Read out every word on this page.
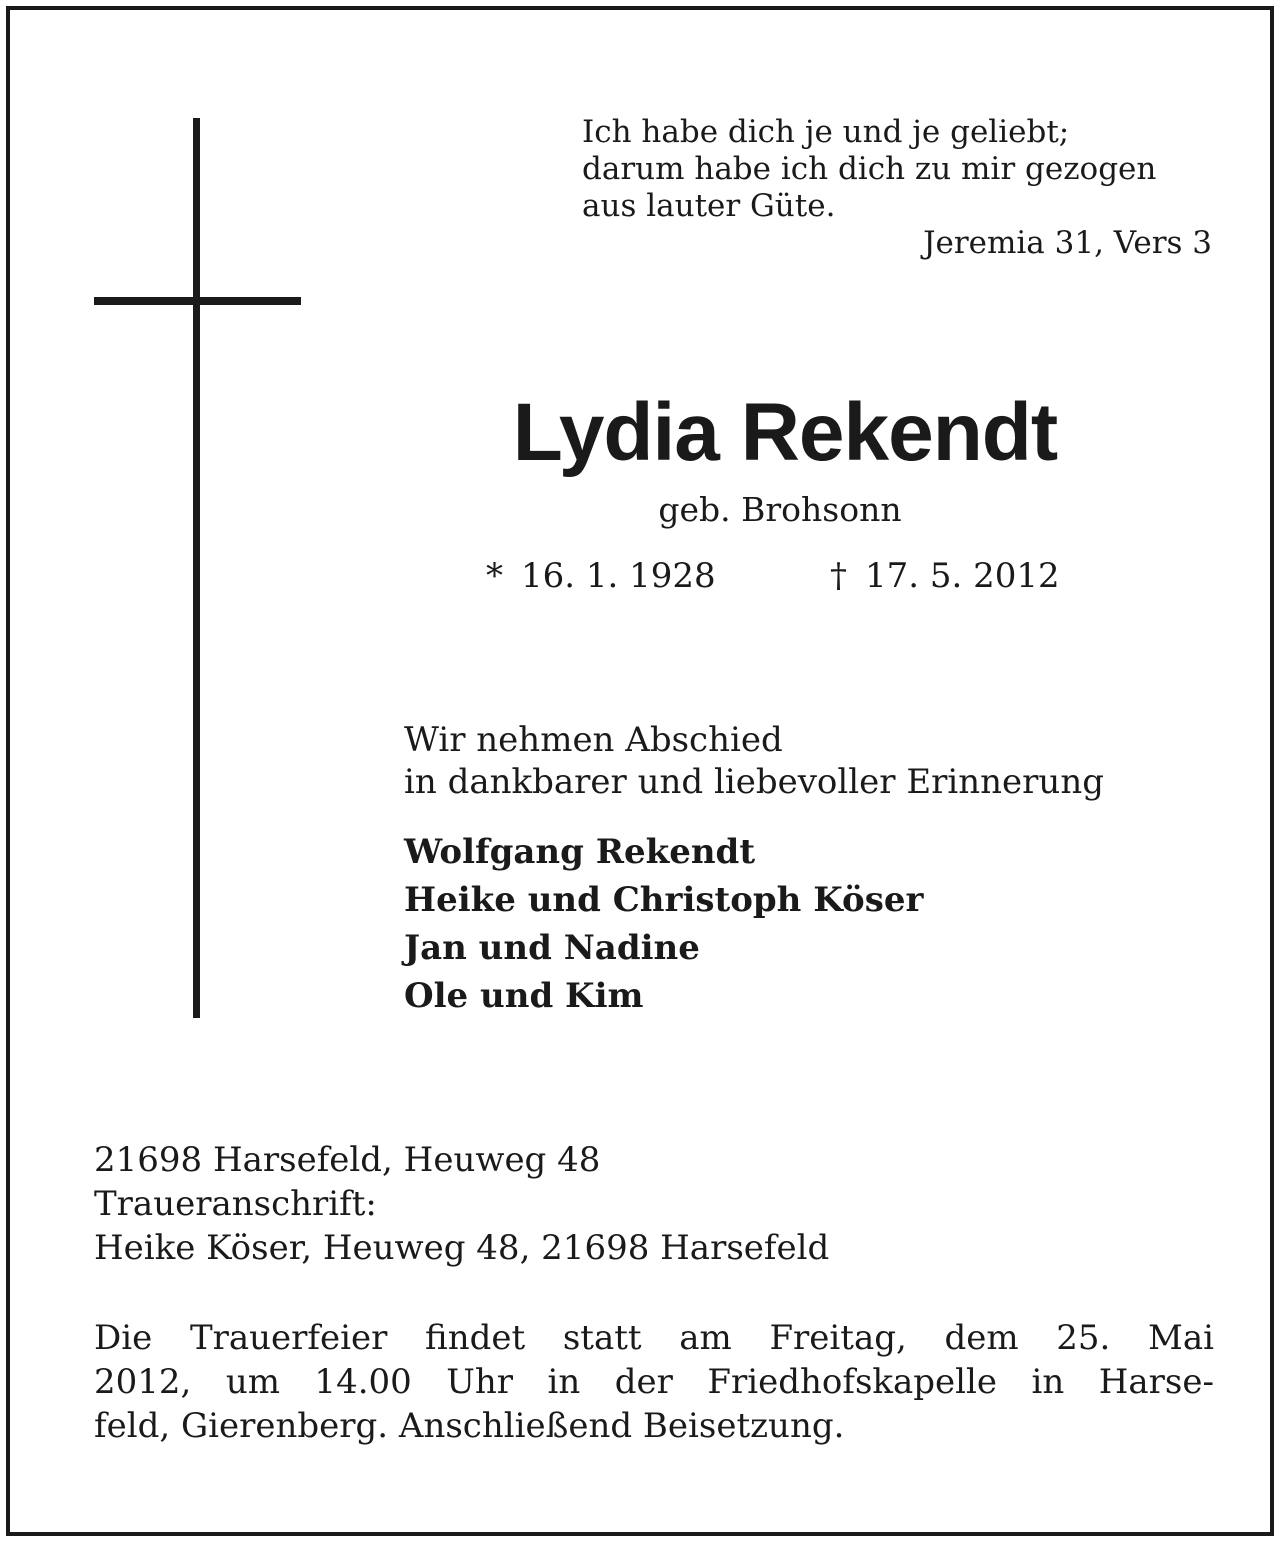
Ich habe dich je und je geliebt;
darum habe ich dich zu mir gezogen
aus lauter Güte.
Jeremia 31, Vers 3
Lydia Rekendt
geb. Brohsonn
* 16. 1. 1928	† 17. 5. 2012
Wir nehmen Abschied
in dankbarer und liebevoller Erinnerung
Wolfgang Rekendt
Heike und Christoph Köser
Jan und Nadine
Ole und Kim
21698 Harsefeld, Heuweg 48
Traueranschrift:
Heike Köser, Heuweg 48, 21698 Harsefeld
Die Trauerfeier findet statt am Freitag, dem 25. Mai
2012, um 14.00 Uhr in der Friedhofskapelle in Harse-
feld, Gierenberg. Anschließend Beisetzung.
